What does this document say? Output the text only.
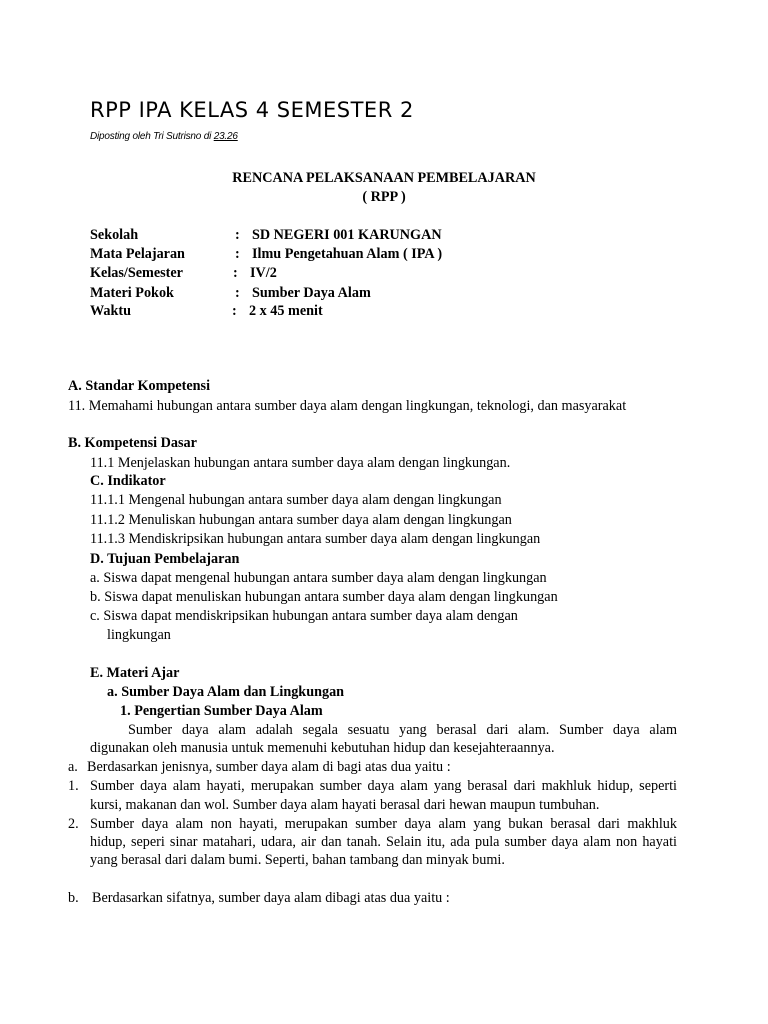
RPP IPA KELAS 4 SEMESTER 2
Diposting oleh Tri Sutrisno di 23.26
RENCANA PELAKSANAAN PEMBELAJARAN
( RPP )
Sekolah	: SD NEGERI 001 KARUNGAN
Mata Pelajaran	: Ilmu Pengetahuan Alam ( IPA )
Kelas/Semester	: IV/2
Materi Pokok	: Sumber Daya Alam
Waktu	: 2 x 45 menit
A. Standar Kompetensi
11. Memahami hubungan antara sumber daya alam dengan lingkungan, teknologi, dan masyarakat
B. Kompetensi Dasar
11.1 Menjelaskan hubungan antara sumber daya alam dengan lingkungan.
C. Indikator
11.1.1 Mengenal hubungan antara sumber daya alam dengan lingkungan
11.1.2 Menuliskan hubungan antara sumber daya alam dengan lingkungan
11.1.3 Mendiskripsikan hubungan antara sumber daya alam dengan lingkungan
D. Tujuan Pembelajaran
a. Siswa dapat mengenal hubungan antara sumber daya alam dengan lingkungan
b. Siswa dapat menuliskan hubungan antara sumber daya alam dengan lingkungan
c. Siswa dapat mendiskripsikan hubungan antara sumber daya alam dengan
lingkungan
E. Materi Ajar
a. Sumber Daya Alam dan Lingkungan
1. Pengertian Sumber Daya Alam
Sumber daya alam adalah segala sesuatu yang berasal dari alam. Sumber daya alam
digunakan oleh manusia untuk memenuhi kebutuhan hidup dan kesejahteraannya.
a. Berdasarkan jenisnya, sumber daya alam di bagi atas dua yaitu :
1. Sumber daya alam hayati, merupakan sumber daya alam yang berasal dari makhluk hidup, seperti
kursi, makanan dan wol. Sumber daya alam hayati berasal dari hewan maupun tumbuhan.
2. Sumber daya alam non hayati, merupakan sumber daya alam yang bukan berasal dari makhluk
hidup, seperi sinar matahari, udara, air dan tanah. Selain itu, ada pula sumber daya alam non hayati
yang berasal dari dalam bumi. Seperti, bahan tambang dan minyak bumi.
b. Berdasarkan sifatnya, sumber daya alam dibagi atas dua yaitu :
